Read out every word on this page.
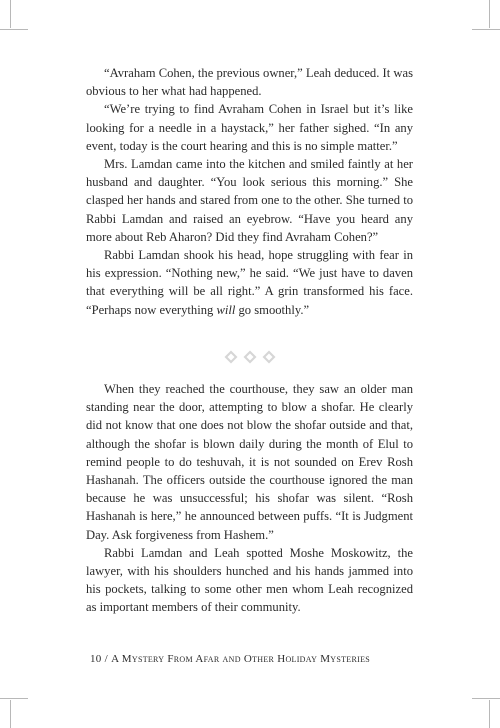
“Avraham Cohen, the previous owner,” Leah deduced. It was obvious to her what had happened.

“We’re trying to find Avraham Cohen in Israel but it’s like looking for a needle in a haystack,” her father sighed. “In any event, today is the court hearing and this is no simple matter.”

Mrs. Lamdan came into the kitchen and smiled faintly at her husband and daughter. “You look serious this morning.” She clasped her hands and stared from one to the other. She turned to Rabbi Lamdan and raised an eyebrow. “Have you heard any more about Reb Aharon? Did they find Avraham Cohen?”

Rabbi Lamdan shook his head, hope struggling with fear in his expression. “Nothing new,” he said. “We just have to daven that everything will be all right.” A grin transformed his face. “Perhaps now everything will go smoothly.”

When they reached the courthouse, they saw an older man standing near the door, attempting to blow a shofar. He clearly did not know that one does not blow the shofar outside and that, although the shofar is blown daily during the month of Elul to remind people to do teshuvah, it is not sounded on Erev Rosh Hashanah. The officers outside the courthouse ignored the man because he was unsuccessful; his shofar was silent. “Rosh Hashanah is here,” he announced between puffs. “It is Judgment Day. Ask forgiveness from Hashem.”

Rabbi Lamdan and Leah spotted Moshe Moskowitz, the lawyer, with his shoulders hunched and his hands jammed into his pockets, talking to some other men whom Leah recognized as important members of their community.

10 / A Mystery From Afar and Other Holiday Mysteries
